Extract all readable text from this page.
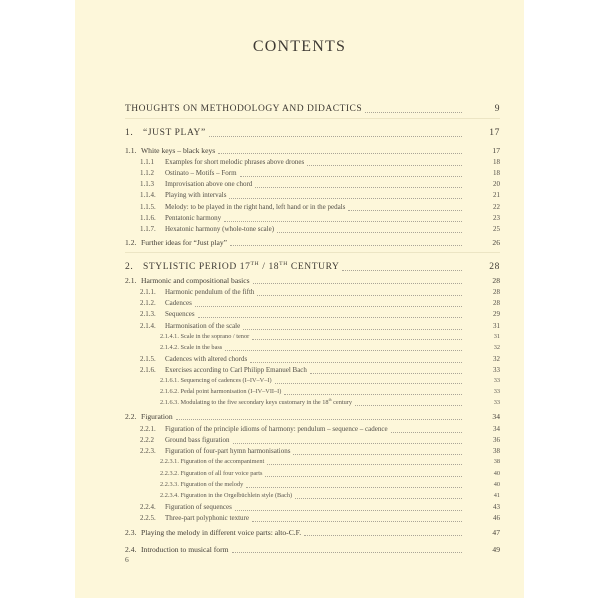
CONTENTS
THOUGHTS ON METHODOLOGY AND DIDACTICS	9
1.	“JUST PLAY”	17
1.1. White keys – black keys	17
1.1.1	Examples for short melodic phrases above drones	18
1.1.2	Ostinato – Motifs – Form	18
1.1.3	Improvisation above one chord	20
1.1.4.	Playing with intervals	21
1.1.5.	Melody: to be played in the right hand, left hand or in the pedals	22
1.1.6.	Pentatonic harmony	23
1.1.7.	Hexatonic harmony (whole-tone scale)	25
1.2. Further ideas for “Just play”	26
2.	STYLISTIC PERIOD 17TH / 18TH CENTURY	28
2.1. Harmonic and compositional basics	28
2.1.1.	Harmonic pendulum of the fifth	28
2.1.2.	Cadences	28
2.1.3.	Sequences	29
2.1.4.	Harmonisation of the scale	31
2.1.4.1. Scale in the soprano / tenor	31
2.1.4.2. Scale in the bass	32
2.1.5.	Cadences with altered chords	32
2.1.6.	Exercises according to Carl Philipp Emanuel Bach	33
2.1.6.1. Sequencing of cadences (I–IV–V–I)	33
2.1.6.2. Pedal point harmonisation (I–IV–VII–I)	33
2.1.6.3. Modulating to the five secondary keys customary in the 18th century	33
2.2. Figuration	34
2.2.1.	Figuration of the principle idioms of harmony: pendulum – sequence – cadence	34
2.2.2	Ground bass figuration	36
2.2.3.	Figuration of four-part hymn harmonisations	38
2.2.3.1. Figuration of the accompaniment	38
2.2.3.2. Figuration of all four voice parts	40
2.2.3.3. Figuration of the melody	40
2.2.3.4. Figuration in the Orgelbüchlein style (Bach)	41
2.2.4.	Figuration of sequences	43
2.2.5.	Three-part polyphonic texture	46
2.3. Playing the melody in different voice parts: alto-C.F.	47
2.4. Introduction to musical form	49
6
